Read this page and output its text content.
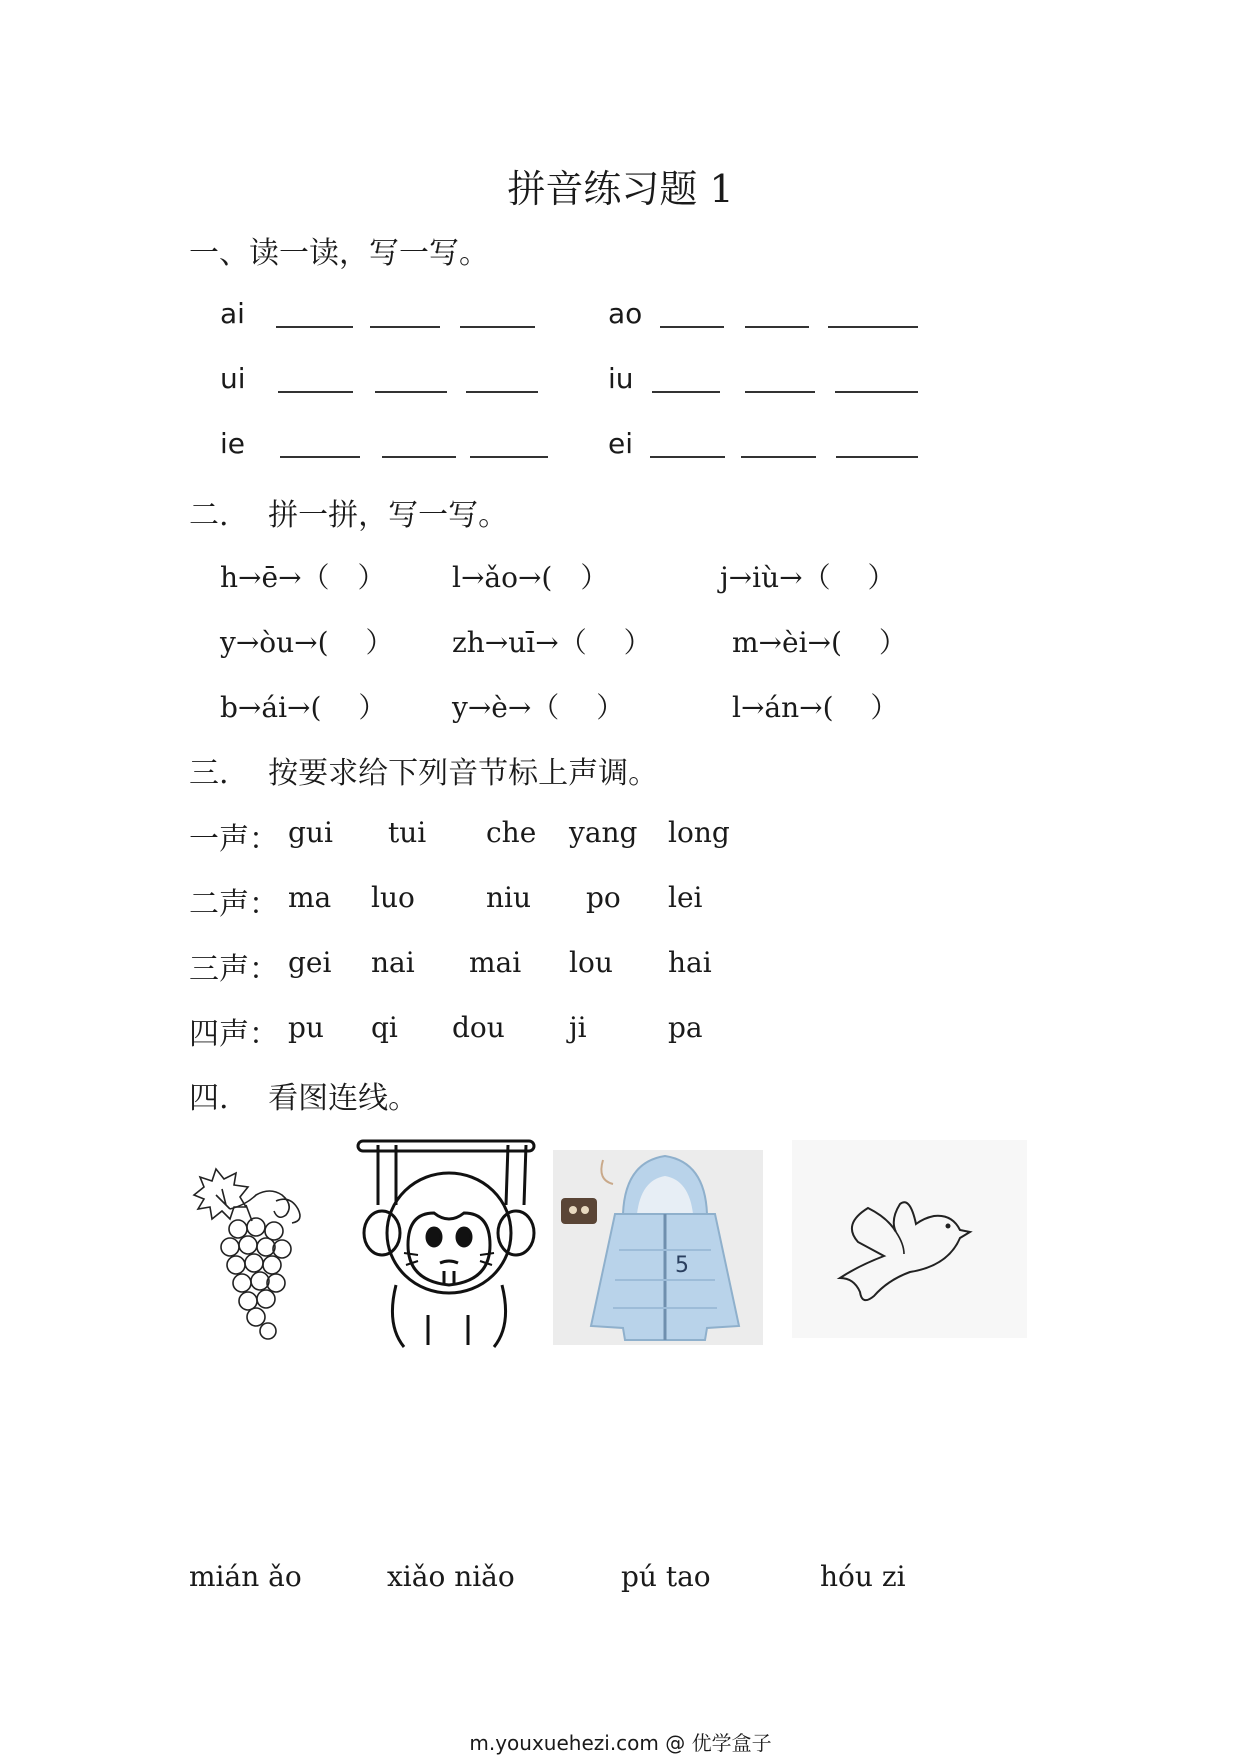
拼音练习题 1
一、读一读，写一写。
ai	ao
ui	iu
ie	ei
二.　 拼一拼，写一写。
h→ē→（　） l→ǎo→(　）	j→iù→（　 ）
y→òu→(　 ） zh→uī→（　 ）	m→èi→(　 ）
b→ái→(　 ） y→è→（　 ）	l→án→(　 ）
三.　 按要求给下列音节标上声调。
一声： gui tui che yang long
二声： ma luo	niu po lei
三声： gei nai mai lou hai
四声： pu qi dou ji	pa
四.　 看图连线。
5
mián ǎo	xiǎo niǎo	pú tao	hóu zi
m.youxuehezi.com @ 优学盒子
